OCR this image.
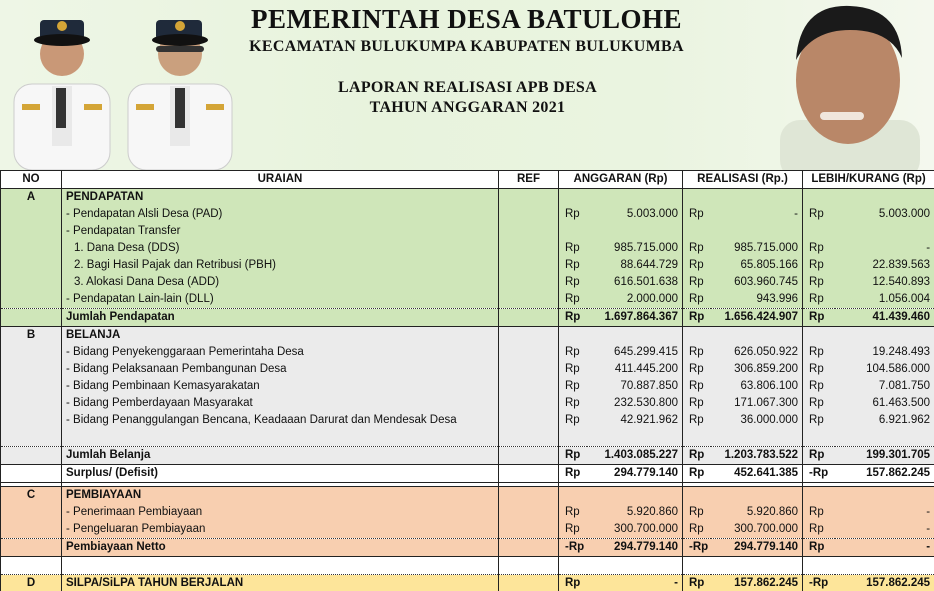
PEMERINTAH DESA BATULOHE
KECAMATAN BULUKUMPA KABUPATEN BULUKUMBA
LAPORAN REALISASI APB DESA
TAHUN ANGGARAN 2021
NO	URAIAN	REF	ANGGARAN (Rp)		REALISASI (Rp.)		LEBIH/KURANG (Rp)	
A	PENDAPATAN							
	- Pendapatan Alsli Desa (PAD)		Rp	5.003.000	Rp	-	Rp	5.003.000
	- Pendapatan Transfer							
	1. Dana Desa (DDS)		Rp	985.715.000	Rp	985.715.000	Rp	-
	2. Bagi Hasil Pajak dan Retribusi (PBH)		Rp	88.644.729	Rp	65.805.166	Rp	22.839.563
	3. Alokasi Dana Desa (ADD)		Rp	616.501.638	Rp	603.960.745	Rp	12.540.893
	- Pendapatan Lain-lain (DLL)		Rp	2.000.000	Rp	943.996	Rp	1.056.004
	Jumlah Pendapatan		Rp	1.697.864.367	Rp	1.656.424.907	Rp	41.439.460
B	BELANJA							
	- Bidang Penyekenggaraan Pemerintaha Desa		Rp	645.299.415	Rp	626.050.922	Rp	19.248.493
	- Bidang Pelaksanaan Pembangunan Desa		Rp	411.445.200	Rp	306.859.200	Rp	104.586.000
	- Bidang Pembinaan Kemasyarakatan		Rp	70.887.850	Rp	63.806.100	Rp	7.081.750
	- Bidang Pemberdayaan Masyarakat		Rp	232.530.800	Rp	171.067.300	Rp	61.463.500
	- Bidang Penanggulangan Bencana, Keadaaan Darurat dan Mendesak Desa		Rp	42.921.962	Rp	36.000.000	Rp	6.921.962

	Jumlah Belanja		Rp	1.403.085.227	Rp	1.203.783.522	Rp	199.301.705
	Surplus/ (Defisit)		Rp	294.779.140	Rp	452.641.385	-Rp	157.862.245

C	PEMBIAYAAN							
	- Penerimaan Pembiayaan		Rp	5.920.860	Rp	5.920.860	Rp	-
	- Pengeluaran Pembiayaan		Rp	300.700.000	Rp	300.700.000	Rp	-
	Pembiayaan Netto		-Rp	294.779.140	-Rp	294.779.140	Rp	-

D	SILPA/SiLPA TAHUN BERJALAN		Rp	-	Rp	157.862.245	-Rp	157.862.245
